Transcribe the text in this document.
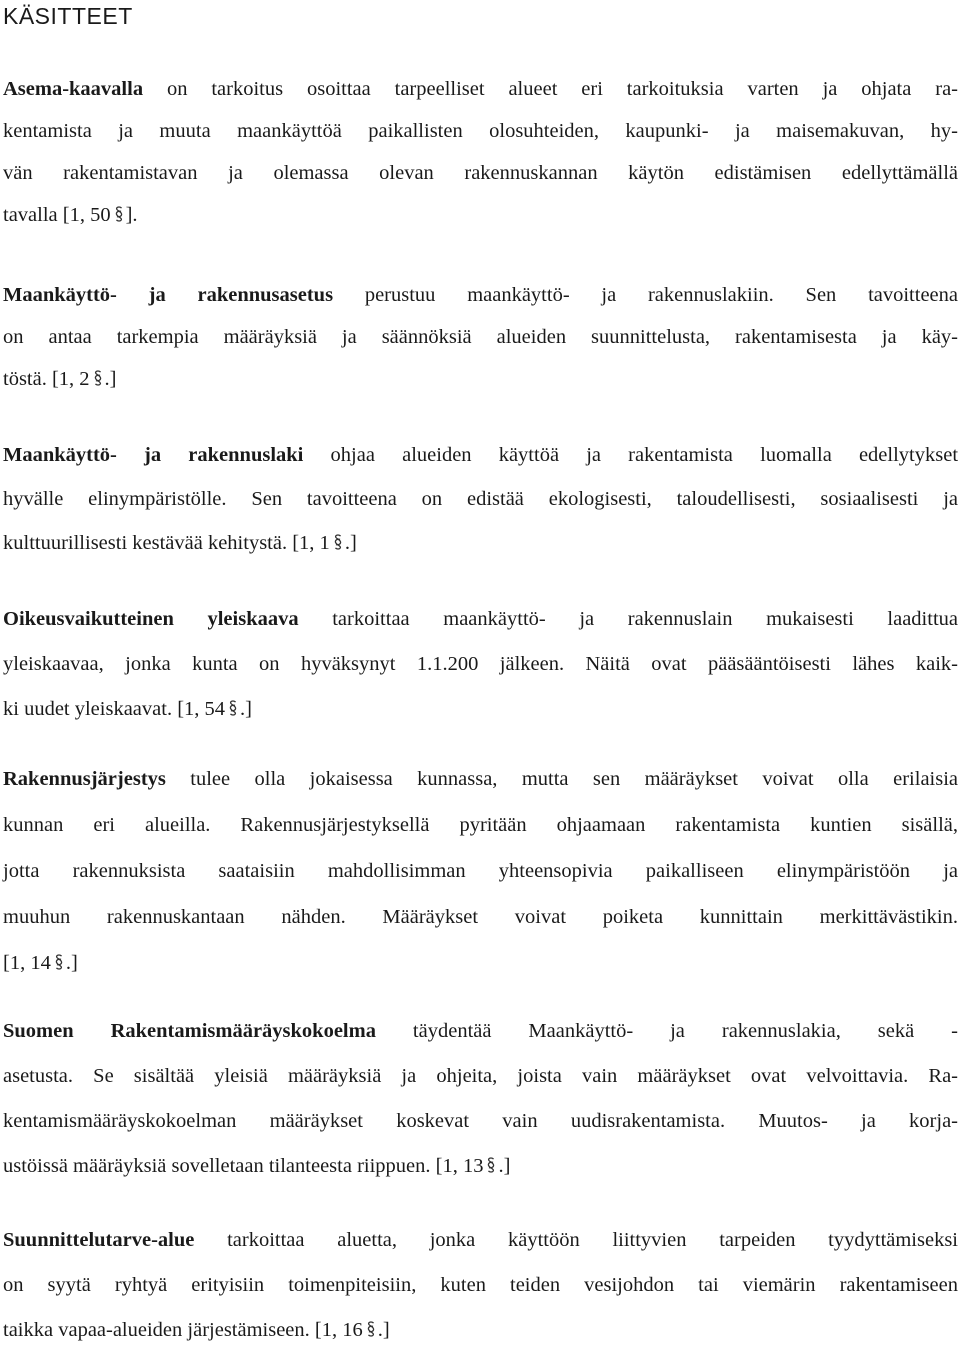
KÄSITTEET
Asema-kaavalla on tarkoitus osoittaa tarpeelliset alueet eri tarkoituksia varten ja ohjata ra-
kentamista ja muuta maankäyttöä paikallisten olosuhteiden, kaupunki- ja maisemakuvan, hy-
vän rakentamistavan ja olemassa olevan rakennuskannan käytön edistämisen edellyttämällä
tavalla [1, 50 ].
Maankäyttö- ja rakennusasetus perustuu maankäyttö- ja rakennuslakiin. Sen tavoitteena
on antaa tarkempia määräyksiä ja säännöksiä alueiden suunnittelusta, rakentamisesta ja käy-
töstä. [1, 2 .]
Maankäyttö- ja rakennuslaki ohjaa alueiden käyttöä ja rakentamista luomalla edellytykset
hyvälle elinympäristölle. Sen tavoitteena on edistää ekologisesti, taloudellisesti, sosiaalisesti ja
kulttuurillisesti kestävää kehitystä. [1, 1 .]
Oikeusvaikutteinen yleiskaava tarkoittaa maankäyttö- ja rakennuslain mukaisesti laadittua
yleiskaavaa, jonka kunta on hyväksynyt 1.1.200 jälkeen. Näitä ovat pääsääntöisesti lähes kaik-
ki uudet yleiskaavat. [1, 54 .]
Rakennusjärjestys tulee olla jokaisessa kunnassa, mutta sen määräykset voivat olla erilaisia
kunnan eri alueilla. Rakennusjärjestyksellä pyritään ohjaamaan rakentamista kuntien sisällä,
jotta rakennuksista saataisiin mahdollisimman yhteensopivia paikalliseen elinympäristöön ja
muuhun rakennuskantaan nähden. Määräykset voivat poiketa kunnittain merkittävästikin.
[1, 14 .]
Suomen Rakentamismääräyskokoelma täydentää Maankäyttö- ja rakennuslakia, sekä -
asetusta. Se sisältää yleisiä määräyksiä ja ohjeita, joista vain määräykset ovat velvoittavia. Ra-
kentamismääräyskokoelman määräykset koskevat vain uudisrakentamista. Muutos- ja korja-
ustöissä määräyksiä sovelletaan tilanteesta riippuen. [1, 13 .]
Suunnittelutarve-alue tarkoittaa aluetta, jonka käyttöön liittyvien tarpeiden tyydyttämiseksi
on syytä ryhtyä erityisiin toimenpiteisiin, kuten teiden vesijohdon tai viemärin rakentamiseen
taikka vapaa-alueiden järjestämiseen. [1, 16 .]
